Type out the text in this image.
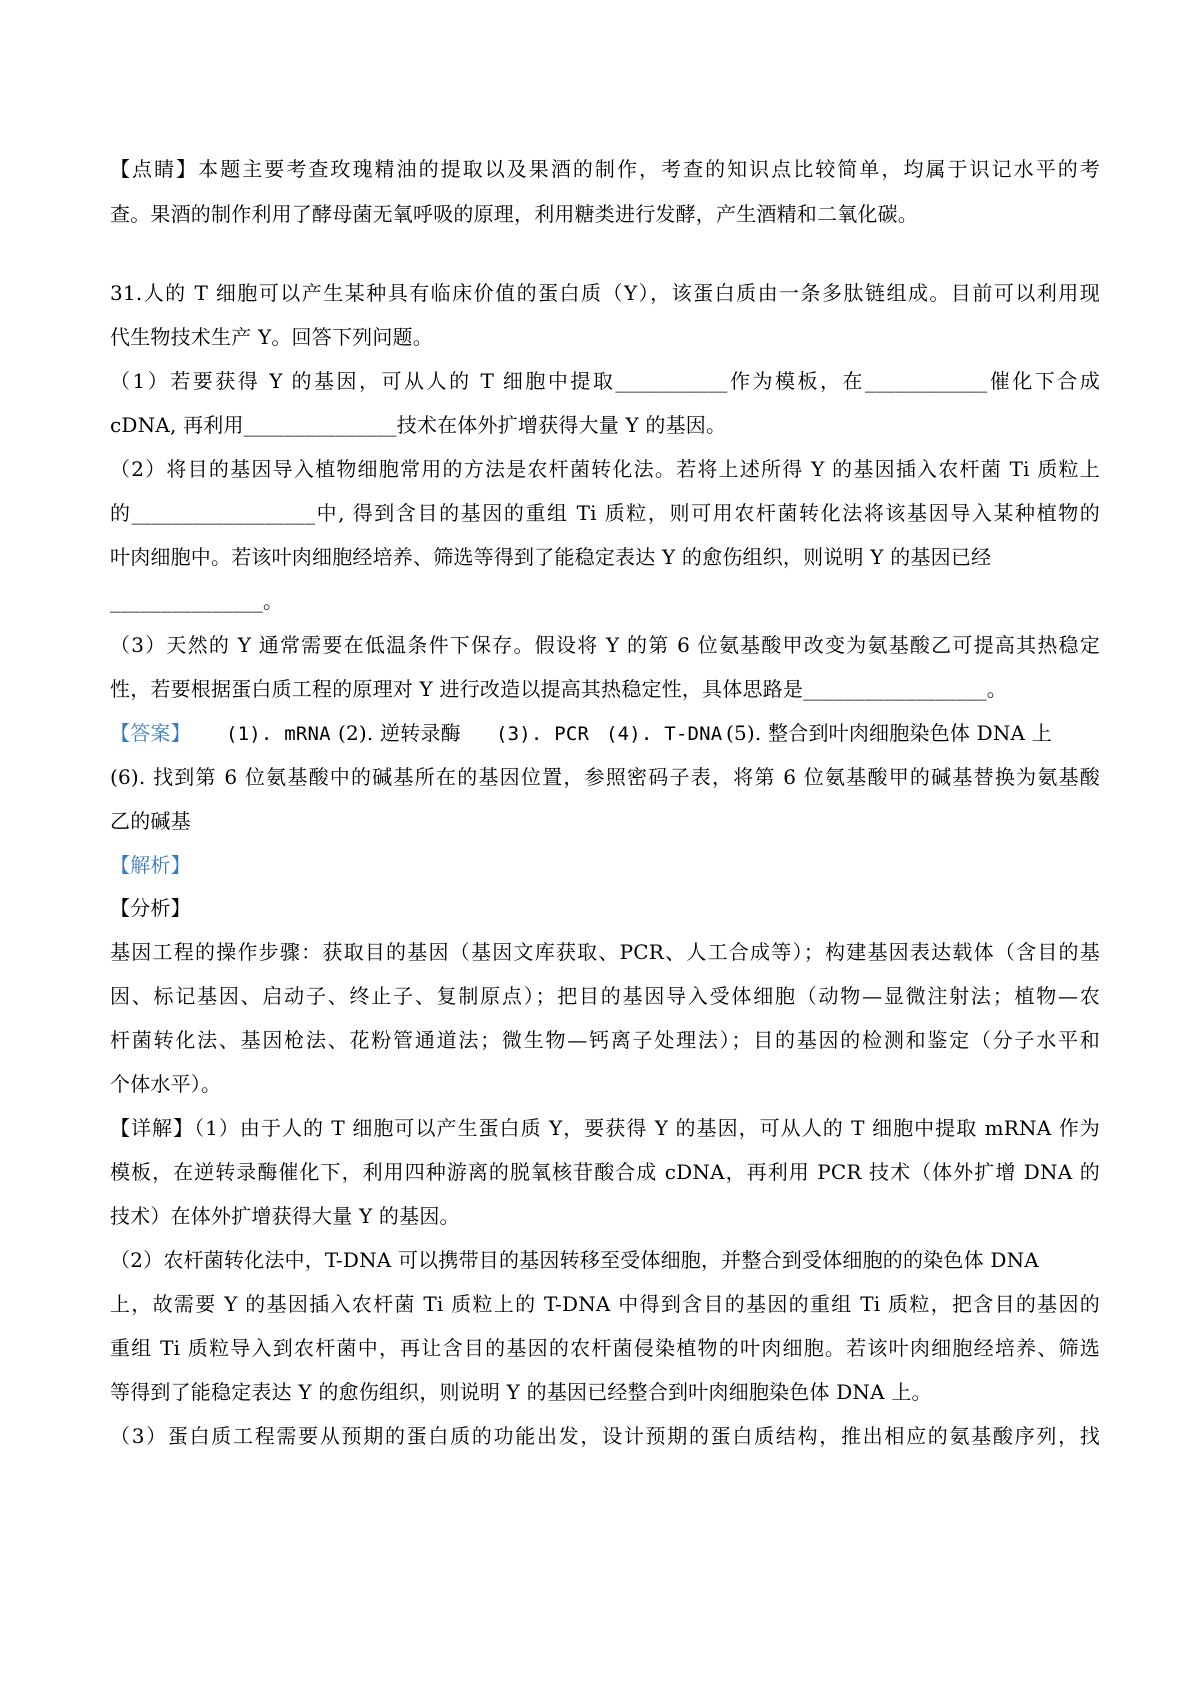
【点睛】本题主要考查玫瑰精油的提取以及果酒的制作，考查的知识点比较简单，均属于识记水平的考
查。果酒的制作利用了酵母菌无氧呼吸的原理，利用糖类进行发酵，产生酒精和二氧化碳。
31.人的 T 细胞可以产生某种具有临床价值的蛋白质（Y），该蛋白质由一条多肽链组成。目前可以利用现
代生物技术生产 Y。回答下列问题。
（1）若要获得 Y 的基因，可从人的 T 细胞中提取___________作为模板，在____________催化下合成
cDNA, 再利用_______________技术在体外扩增获得大量 Y 的基因。
（2）将目的基因导入植物细胞常用的方法是农杆菌转化法。若将上述所得 Y 的基因插入农杆菌 Ti 质粒上
的__________________中, 得到含目的基因的重组 Ti 质粒，则可用农杆菌转化法将该基因导入某种植物的
叶肉细胞中。若该叶肉细胞经培养、筛选等得到了能稳定表达 Y 的愈伤组织，则说明 Y 的基因已经
_______________。
（3）天然的 Y 通常需要在低温条件下保存。假设将 Y 的第 6 位氨基酸甲改变为氨基酸乙可提高其热稳定
性，若要根据蛋白质工程的原理对 Y 进行改造以提高其热稳定性，具体思路是__________________。
【答案】 (1). mRNA (2). 逆转录酶 (3). PCR (4). T-DNA (5). 整合到叶肉细胞染色体 DNA 上
(6). 找到第 6 位氨基酸中的碱基所在的基因位置，参照密码子表，将第 6 位氨基酸甲的碱基替换为氨基酸
乙的碱基
【解析】
【分析】
基因工程的操作步骤：获取目的基因（基因文库获取、PCR、人工合成等）；构建基因表达载体（含目的基
因、标记基因、启动子、终止子、复制原点）；把目的基因导入受体细胞（动物—显微注射法；植物—农
杆菌转化法、基因枪法、花粉管通道法；微生物—钙离子处理法）；目的基因的检测和鉴定（分子水平和
个体水平）。
【详解】（1）由于人的 T 细胞可以产生蛋白质 Y，要获得 Y 的基因，可从人的 T 细胞中提取 mRNA 作为
模板，在逆转录酶催化下，利用四种游离的脱氧核苷酸合成 cDNA，再利用 PCR 技术（体外扩增 DNA 的
技术）在体外扩增获得大量 Y 的基因。
（2）农杆菌转化法中，T-DNA 可以携带目的基因转移至受体细胞，并整合到受体细胞的的染色体 DNA
上，故需要 Y 的基因插入农杆菌 Ti 质粒上的 T-DNA 中得到含目的基因的重组 Ti 质粒，把含目的基因的
重组 Ti 质粒导入到农杆菌中，再让含目的基因的农杆菌侵染植物的叶肉细胞。若该叶肉细胞经培养、筛选
等得到了能稳定表达 Y 的愈伤组织，则说明 Y 的基因已经整合到叶肉细胞染色体 DNA 上。
（3）蛋白质工程需要从预期的蛋白质的功能出发，设计预期的蛋白质结构，推出相应的氨基酸序列，找
